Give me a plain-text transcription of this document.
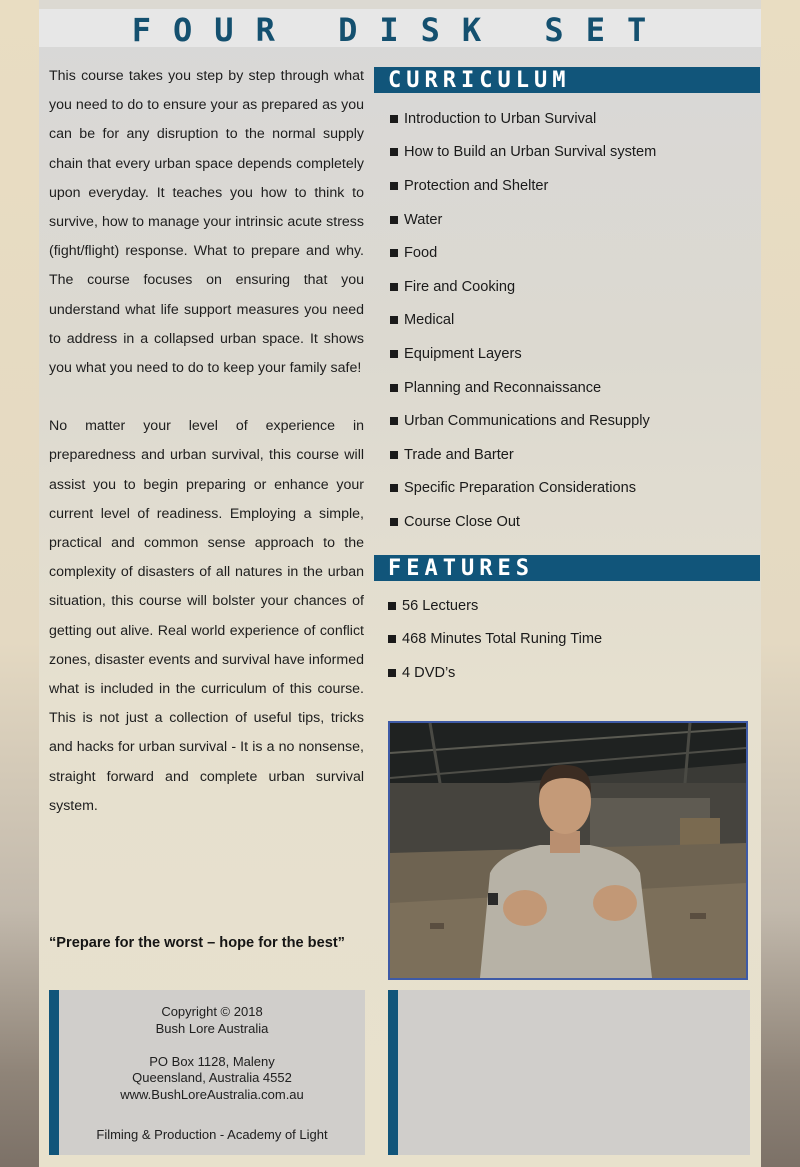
FOUR DISK SET

This course takes you step by step through what you need to do to ensure your as prepared as you can be for any disruption to the normal supply chain that every urban space depends completely upon everyday. It teaches you how to think to survive, how to manage your intrinsic acute stress (fight/flight) response. What to prepare and why. The course focuses on ensuring that you understand what life support measures you need to address in a collapsed urban space. It shows you what you need to do to keep your family safe!

No matter your level of experience in preparedness and urban survival, this course will assist you to begin preparing or enhance your current level of readiness. Employing a simple, practical and common sense approach to the complexity of disasters of all natures in the urban situation, this course will bolster your chances of getting out alive. Real world experience of conflict zones, disaster events and survival have informed what is included in the curriculum of this course. This is not just a collection of useful tips, tricks and hacks for urban survival - It is a no nonsense, straight forward and complete urban survival system.

“Prepare for the worst – hope for the best”
CURRICULUM
Introduction to Urban Survival
How to Build an Urban Survival system
Protection and Shelter
Water
Food
Fire and Cooking
Medical
Equipment Layers
Planning and Reconnaissance
Urban Communications and Resupply
Trade and Barter
Specific Preparation Considerations
Course Close Out
FEATURES
56 Lectuers
468 Minutes Total Runing Time
4 DVD’s
Copyright © 2018
Bush Lore Australia
PO Box 1128, Maleny
Queensland, Australia 4552
www.BushLoreAustralia.com.au
Filming & Production - Academy of Light
